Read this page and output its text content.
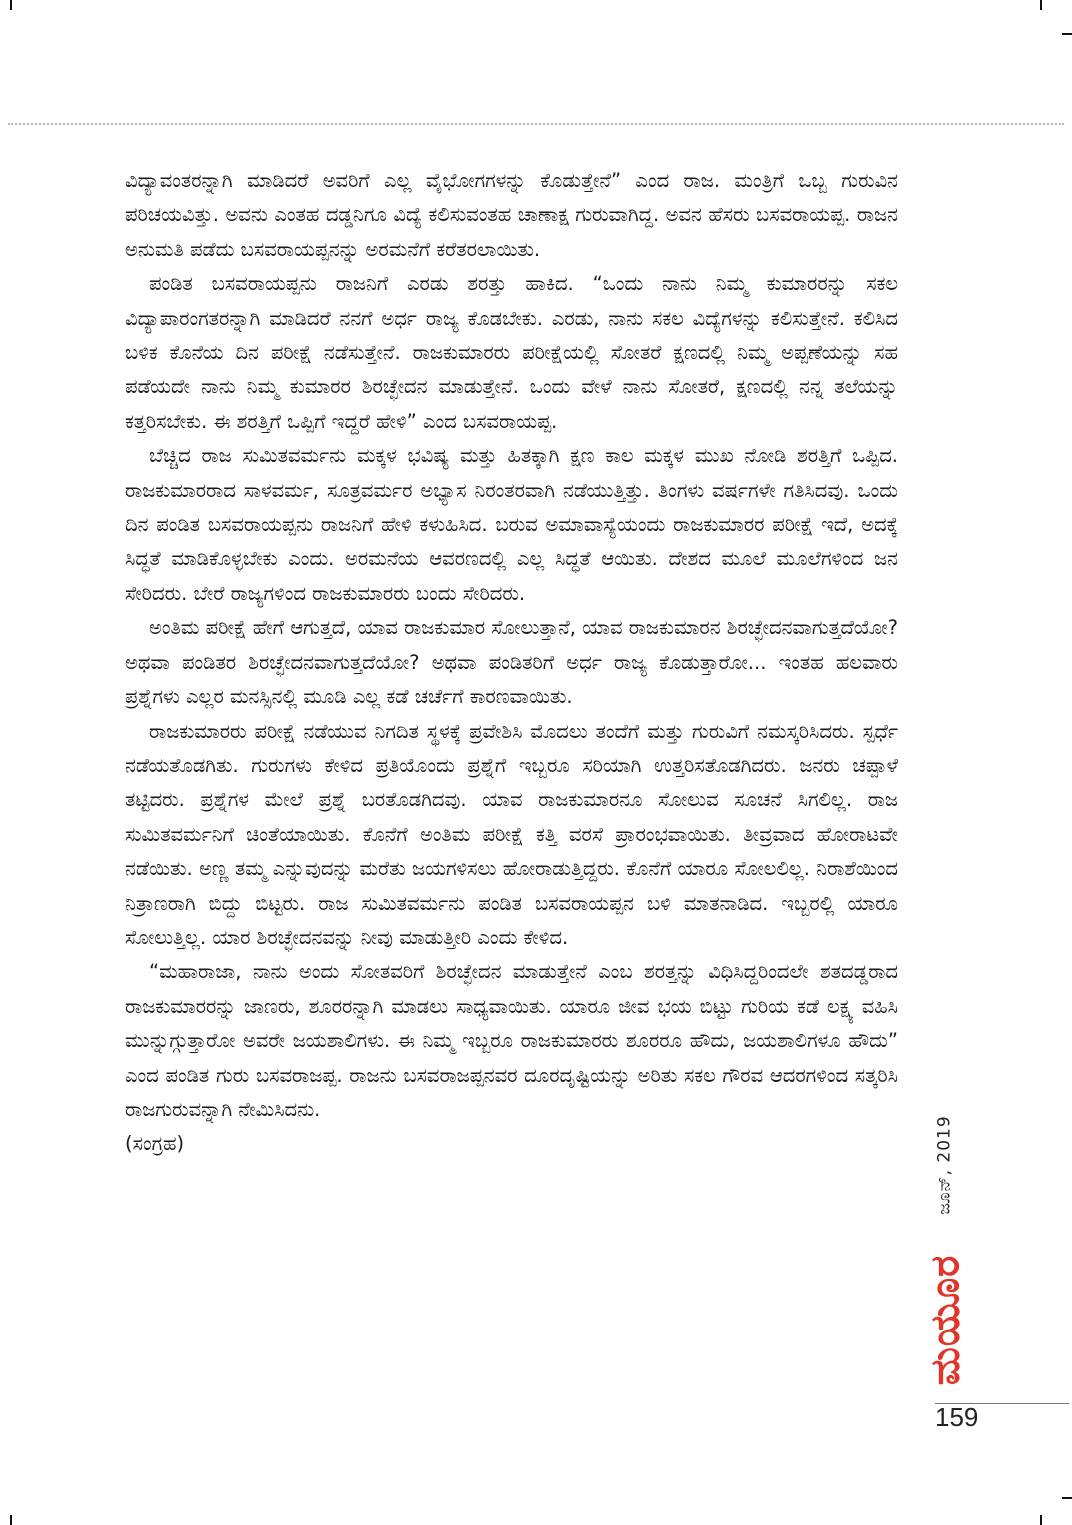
ವಿದ್ಯಾವಂತರನ್ನಾಗಿ ಮಾಡಿದರೆ ಅವರಿಗೆ ಎಲ್ಲ ವೈಭೋಗಗಳನ್ನು ಕೊಡುತ್ತೇನೆ” ಎಂದ ರಾಜ. ಮಂತ್ರಿಗೆ ಒಬ್ಬ ಗುರುವಿನ ಪರಿಚಯವಿತ್ತು. ಅವನು ಎಂತಹ ದಡ್ಡನಿಗೂ ವಿದ್ಯೆ ಕಲಿಸುವಂತಹ ಚಾಣಾಕ್ಷ ಗುರುವಾಗಿದ್ದ. ಅವನ ಹೆಸರು ಬಸವರಾಯಪ್ಪ. ರಾಜನ ಅನುಮತಿ ಪಡೆದು ಬಸವರಾಯಪ್ಪನನ್ನು ಅರಮನೆಗೆ ಕರೆತರಲಾಯಿತು.

ಪಂಡಿತ ಬಸವರಾಯಪ್ಪನು ರಾಜನಿಗೆ ಎರಡು ಶರತ್ತು ಹಾಕಿದ. “ಒಂದು ನಾನು ನಿಮ್ಮ ಕುಮಾರರನ್ನು ಸಕಲ ವಿದ್ಯಾಪಾರಂಗತರನ್ನಾಗಿ ಮಾಡಿದರೆ ನನಗೆ ಅರ್ಧ ರಾಜ್ಯ ಕೊಡಬೇಕು. ಎರಡು, ನಾನು ಸಕಲ ವಿದ್ಯೆಗಳನ್ನು ಕಲಿಸುತ್ತೇನೆ. ಕಲಿಸಿದ ಬಳಿಕ ಕೊನೆಯ ದಿನ ಪರೀಕ್ಷೆ ನಡೆಸುತ್ತೇನೆ. ರಾಜಕುಮಾರರು ಪರೀಕ್ಷೆಯಲ್ಲಿ ಸೋತರೆ ಕ್ಷಣದಲ್ಲಿ ನಿಮ್ಮ ಅಪ್ಪಣೆಯನ್ನು ಸಹ ಪಡೆಯದೇ ನಾನು ನಿಮ್ಮ ಕುಮಾರರ ಶಿರಚ್ಛೇದನ ಮಾಡುತ್ತೇನೆ. ಒಂದು ವೇಳೆ ನಾನು ಸೋತರೆ, ಕ್ಷಣದಲ್ಲಿ ನನ್ನ ತಲೆಯನ್ನು ಕತ್ತರಿಸಬೇಕು. ಈ ಶರತ್ತಿಗೆ ಒಪ್ಪಿಗೆ ಇದ್ದರೆ ಹೇಳಿ” ಎಂದ ಬಸವರಾಯಪ್ಪ.

ಬೆಚ್ಚಿದ ರಾಜ ಸುಮಿತವರ್ಮನು ಮಕ್ಕಳ ಭವಿಷ್ಯ ಮತ್ತು ಹಿತಕ್ಕಾಗಿ ಕ್ಷಣ ಕಾಲ ಮಕ್ಕಳ ಮುಖ ನೋಡಿ ಶರತ್ತಿಗೆ ಒಪ್ಪಿದ. ರಾಜಕುಮಾರರಾದ ಸಾಳವರ್ಮ, ಸೂತ್ರವರ್ಮರ ಅಭ್ಯಾಸ ನಿರಂತರವಾಗಿ ನಡೆಯುತ್ತಿತ್ತು. ತಿಂಗಳು ವರ್ಷಗಳೇ ಗತಿಸಿದವು. ಒಂದು ದಿನ ಪಂಡಿತ ಬಸವರಾಯಪ್ಪನು ರಾಜನಿಗೆ ಹೇಳಿ ಕಳುಹಿಸಿದ. ಬರುವ ಅಮಾವಾಸ್ಯೆಯಂದು ರಾಜಕುಮಾರರ ಪರೀಕ್ಷೆ ಇದೆ, ಅದಕ್ಕೆ ಸಿದ್ಧತೆ ಮಾಡಿಕೊಳ್ಳಬೇಕು ಎಂದು. ಅರಮನೆಯ ಆವರಣದಲ್ಲಿ ಎಲ್ಲ ಸಿದ್ಧತೆ ಆಯಿತು. ದೇಶದ ಮೂಲೆ ಮೂಲೆಗಳಿಂದ ಜನ ಸೇರಿದರು. ಬೇರೆ ರಾಜ್ಯಗಳಿಂದ ರಾಜಕುಮಾರರು ಬಂದು ಸೇರಿದರು.

ಅಂತಿಮ ಪರೀಕ್ಷೆ ಹೇಗೆ ಆಗುತ್ತದೆ, ಯಾವ ರಾಜಕುಮಾರ ಸೋಲುತ್ತಾನೆ, ಯಾವ ರಾಜಕುಮಾರನ ಶಿರಚ್ಛೇದನವಾಗುತ್ತದೆಯೋ? ಅಥವಾ ಪಂಡಿತರ ಶಿರಚ್ಛೇದನವಾಗುತ್ತದೆಯೋ? ಅಥವಾ ಪಂಡಿತರಿಗೆ ಅರ್ಧ ರಾಜ್ಯ ಕೊಡುತ್ತಾರೋ... ಇಂತಹ ಹಲವಾರು ಪ್ರಶ್ನೆಗಳು ಎಲ್ಲರ ಮನಸ್ಸಿನಲ್ಲಿ ಮೂಡಿ ಎಲ್ಲ ಕಡೆ ಚರ್ಚೆಗೆ ಕಾರಣವಾಯಿತು.

ರಾಜಕುಮಾರರು ಪರೀಕ್ಷೆ ನಡೆಯುವ ನಿಗದಿತ ಸ್ಥಳಕ್ಕೆ ಪ್ರವೇಶಿಸಿ ಮೊದಲು ತಂದೆಗೆ ಮತ್ತು ಗುರುವಿಗೆ ನಮಸ್ಕರಿಸಿದರು. ಸ್ಪರ್ಧೆ ನಡೆಯತೊಡಗಿತು. ಗುರುಗಳು ಕೇಳಿದ ಪ್ರತಿಯೊಂದು ಪ್ರಶ್ನೆಗೆ ಇಬ್ಬರೂ ಸರಿಯಾಗಿ ಉತ್ತರಿಸತೊಡಗಿದರು. ಜನರು ಚಪ್ಪಾಳೆ ತಟ್ಟಿದರು. ಪ್ರಶ್ನೆಗಳ ಮೇಲೆ ಪ್ರಶ್ನೆ ಬರತೊಡಗಿದವು. ಯಾವ ರಾಜಕುಮಾರನೂ ಸೋಲುವ ಸೂಚನೆ ಸಿಗಲಿಲ್ಲ. ರಾಜ ಸುಮಿತವರ್ಮನಿಗೆ ಚಿಂತೆಯಾಯಿತು. ಕೊನೆಗೆ ಅಂತಿಮ ಪರೀಕ್ಷೆ ಕತ್ತಿ ವರಸೆ ಪ್ರಾರಂಭವಾಯಿತು. ತೀವ್ರವಾದ ಹೋರಾಟವೇ ನಡೆಯಿತು. ಅಣ್ಣ ತಮ್ಮ ಎನ್ನುವುದನ್ನು ಮರೆತು ಜಯಗಳಿಸಲು ಹೋರಾಡುತ್ತಿದ್ದರು. ಕೊನೆಗೆ ಯಾರೂ ಸೋಲಲಿಲ್ಲ. ನಿರಾಶೆಯಿಂದ ನಿತ್ರಾಣರಾಗಿ ಬಿದ್ದು ಬಿಟ್ಟರು. ರಾಜ ಸುಮಿತವರ್ಮನು ಪಂಡಿತ ಬಸವರಾಯಪ್ಪನ ಬಳಿ ಮಾತನಾಡಿದ. ಇಬ್ಬರಲ್ಲಿ ಯಾರೂ ಸೋಲುತ್ತಿಲ್ಲ. ಯಾರ ಶಿರಚ್ಛೇದನವನ್ನು ನೀವು ಮಾಡುತ್ತೀರಿ ಎಂದು ಕೇಳಿದ.

“ಮಹಾರಾಜಾ, ನಾನು ಅಂದು ಸೋತವರಿಗೆ ಶಿರಚ್ಛೇದನ ಮಾಡುತ್ತೇನೆ ಎಂಬ ಶರತ್ತನ್ನು ವಿಧಿಸಿದ್ದರಿಂದಲೇ ಶತದಡ್ಡರಾದ ರಾಜಕುಮಾರರನ್ನು ಜಾಣರು, ಶೂರರನ್ನಾಗಿ ಮಾಡಲು ಸಾಧ್ಯವಾಯಿತು. ಯಾರೂ ಜೀವ ಭಯ ಬಿಟ್ಟು ಗುರಿಯ ಕಡೆ ಲಕ್ಷ್ಯ ವಹಿಸಿ ಮುನ್ನುಗ್ಗುತ್ತಾರೋ ಅವರೇ ಜಯಶಾಲಿಗಳು. ಈ ನಿಮ್ಮ ಇಬ್ಬರೂ ರಾಜಕುಮಾರರು ಶೂರರೂ ಹೌದು, ಜಯಶಾಲಿಗಳೂ ಹೌದು” ಎಂದ ಪಂಡಿತ ಗುರು ಬಸವರಾಜಪ್ಪ. ರಾಜನು ಬಸವರಾಜಪ್ಪನವರ ದೂರದೃಷ್ಟಿಯನ್ನು ಅರಿತು ಸಕಲ ಗೌರವ ಆದರಗಳಿಂದ ಸತ್ಕರಿಸಿ ರಾಜಗುರುವನ್ನಾಗಿ ನೇಮಿಸಿದನು.

(ಸಂಗ್ರಹ)	ಜೂನ್, 2019
ಮಯೂರ
159
